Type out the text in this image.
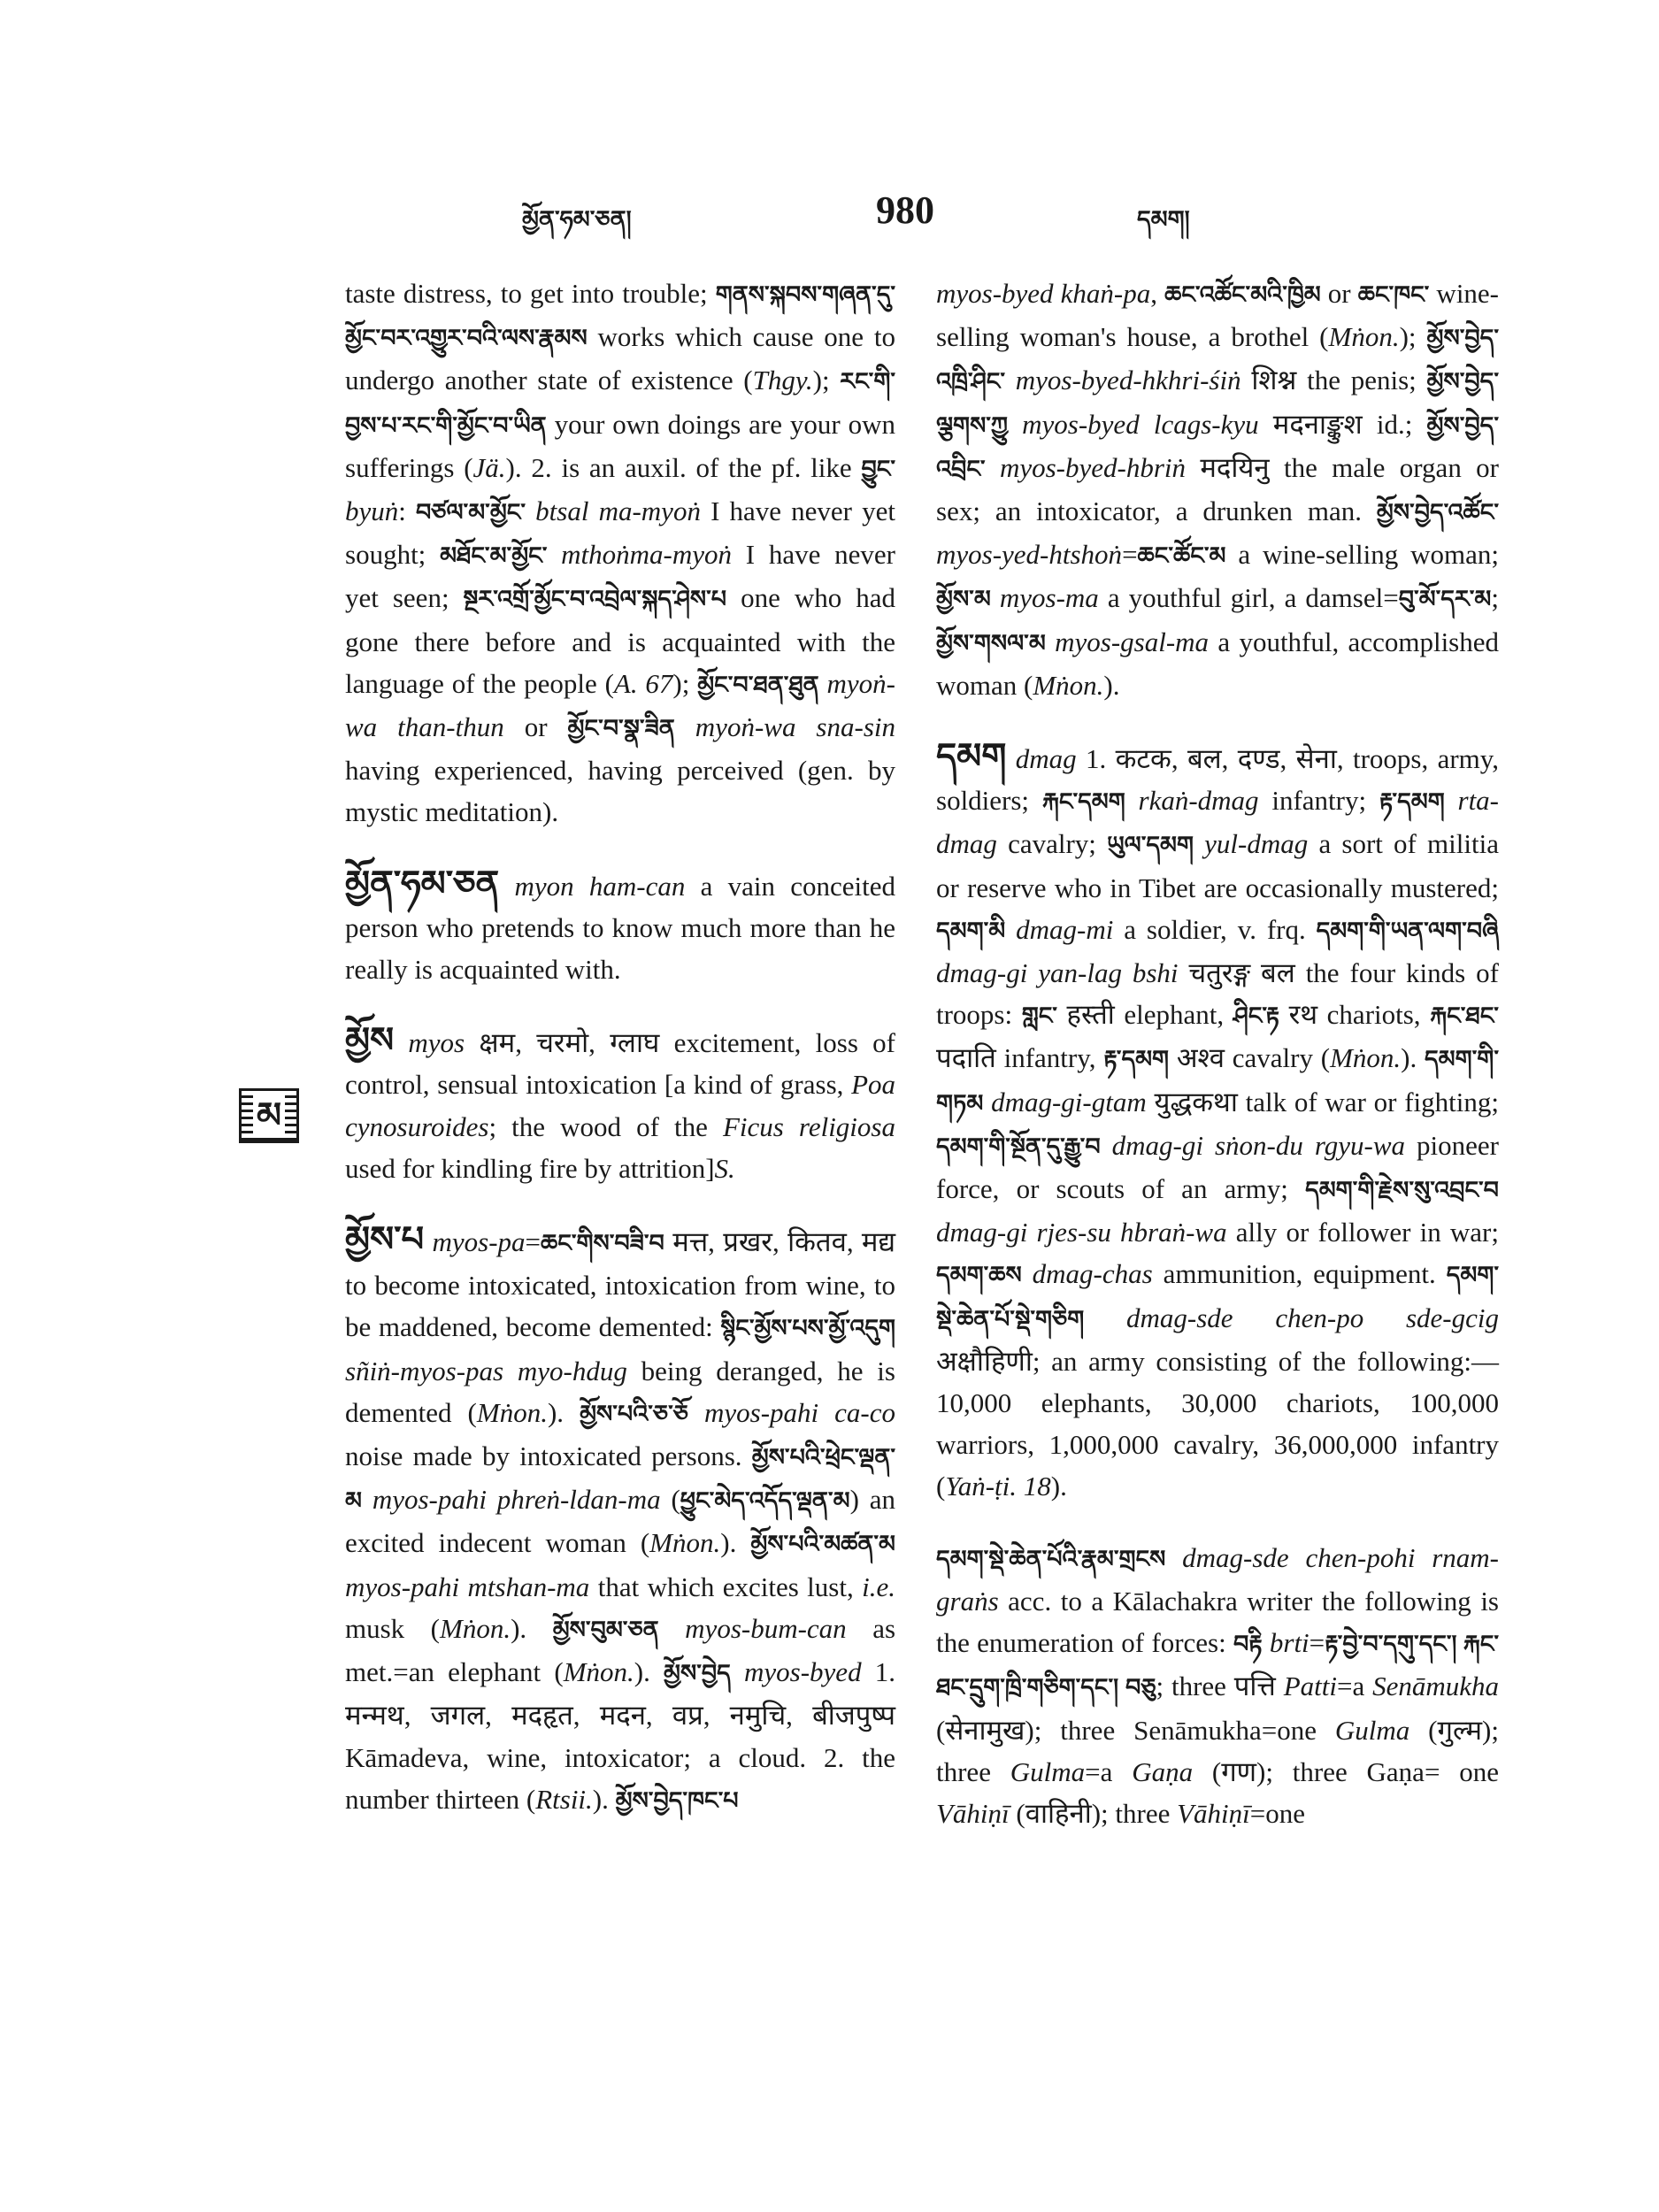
མྱོན་ཧམ་ཅན།	980	དམག།
མ

taste distress, to get into trouble; གནས་སྐབས་གཞན་དུ་མྱོང་བར་འགྱུར་བའི་ལས་རྣམས works which cause one to undergo another state of existence (Thgy.); རང་གི་བྱས་པ་རང་གི་མྱོང་བ་ཡིན your own doings are your own sufferings (Jä.). 2. is an auxil. of the pf. like བྱུང་ byuṅ: བཙལ་མ་མྱོང་ btsal ma-myoṅ I have never yet sought; མཐོང་མ་མྱོང་ mthoṅma-myoṅ I have never yet seen; སྔར་འགྲོ་མྱོང་བ་འབྲེལ་སྐད་ཤེས་པ one who had gone there before and is acquainted with the language of the people (A. 67); མྱོང་བ་ཐན་ཐུན myoṅ-wa than-thun or མྱོང་བ་སྣ་ཟིན myoṅ-wa sna-sin having experienced, having perceived (gen. by mystic meditation).

མྱོན་ཧམ་ཅན myon ham-can a vain conceited person who pretends to know much more than he really is acquainted with.

མྱོས myos क्षम, चरमो, ग्लाघ excitement, loss of control, sensual intoxication [a kind of grass, Poa cynosuroides; the wood of the Ficus religiosa used for kindling fire by attrition]S.

མྱོས་པ myos-pa=ཆང་གིས་བཟི་བ मत्त, प्रखर, कितव, मद्य to become intoxicated, intoxication from wine, to be maddened, become demented: སྙིང་མྱོས་པས་མྱོ་འདུག sñiṅ-myos-pas myo-hdug being deranged, he is demented (Mṅon.). མྱོས་པའི་ཅ་ཅོ myos-pahi ca-co noise made by intoxicated persons. མྱོས་པའི་ཕྲེང་ལྡན་མ myos-pahi phreṅ-ldan-ma (ཕྱུང་མེད་འདོད་ལྡན་མ) an excited indecent woman (Mṅon.). མྱོས་པའི་མཚན་མ myos-pahi mtshan-ma that which excites lust, i.e. musk (Mṅon.). མྱོས་བུམ་ཅན myos-bum-can as met.=an elephant (Mṅon.). མྱོས་བྱེད myos-byed 1. मन्मथ, जगल, मदहृत, मदन, वप्र, नमुचि, बीजपुष्प Kāmadeva, wine, intoxicator; a cloud. 2. the number thirteen (Rtsii.). མྱོས་བྱེད་ཁང་པ

myos-byed khaṅ-pa, ཆང་འཚོང་མའི་ཁྱིམ or ཆང་ཁང་ wine-selling woman's house, a brothel (Mṅon.); མྱོས་བྱེད་འཁྲི་ཤིང་ myos-byed-hkhri-śiṅ शिश्न the penis; མྱོས་བྱེད་ལྕགས་ཀྱུ myos-byed lcags-kyu मदनाङ्कुश id.; མྱོས་བྱེད་འབྲིང་ myos-byed-hbriṅ मदयिनु the male organ or sex; an intoxicator, a drunken man. མྱོས་བྱེད་འཚོང་ myos-yed-htshoṅ=ཆང་ཚོང་མ a wine-selling woman; མྱོས་མ myos-ma a youthful girl, a damsel=བུ་མོ་དར་མ; མྱོས་གསལ་མ myos-gsal-ma a youthful, accomplished woman (Mṅon.).

དམག dmag 1. कटक, बल, दण्ड, सेना, troops, army, soldiers; རྐང་དམག rkaṅ-dmag infantry; རྟ་དམག rta-dmag cavalry; ཡུལ་དམག yul-dmag a sort of militia or reserve who in Tibet are occasionally mustered; དམག་མི dmag-mi a soldier, v. frq. དམག་གི་ཡན་ལག་བཞི dmag-gi yan-lag bshi चतुरङ्ग बल the four kinds of troops: གླང་ हस्ती elephant, ཤིང་རྟ रथ chariots, རྐང་ཐང་ पदाति infantry, རྟ་དམག अश्व cavalry (Mṅon.). དམག་གི་གཏམ dmag-gi-gtam युद्धकथा talk of war or fighting; དམག་གི་སྔོན་དུ་རྒྱུ་བ dmag-gi sṅon-du rgyu-wa pioneer force, or scouts of an army; དམག་གི་རྗེས་སུ་འབྲང་བ dmag-gi rjes-su hbraṅ-wa ally or follower in war; དམག་ཆས dmag-chas ammunition, equipment. དམག་སྡེ་ཆེན་པོ་སྡེ་གཅིག dmag-sde chen-po sde-gcig अक्षौहिणी; an army consisting of the following:—10,000 elephants, 30,000 chariots, 100,000 warriors, 1,000,000 cavalry, 36,000,000 infantry (Yaṅ-ṭi. 18).

དམག་སྡེ་ཆེན་པོའི་རྣམ་གྲངས dmag-sde chen-pohi rnam-graṅs acc. to a Kālachakra writer the following is the enumeration of forces: བརྟི brti=རྟ་བྱེ་བ་དགུ་དང་། རྐང་ཐང་དྲུག་ཁྲི་གཅིག་དང་། བཅུ; three पत्ति Patti=a Senāmukha (सेनामुख); three Senāmukha=one Gulma (गुल्म); three Gulma=a Gaṇa (गण); three Gaṇa= one Vāhiṇī (वाहिनी); three Vāhiṇī=one
